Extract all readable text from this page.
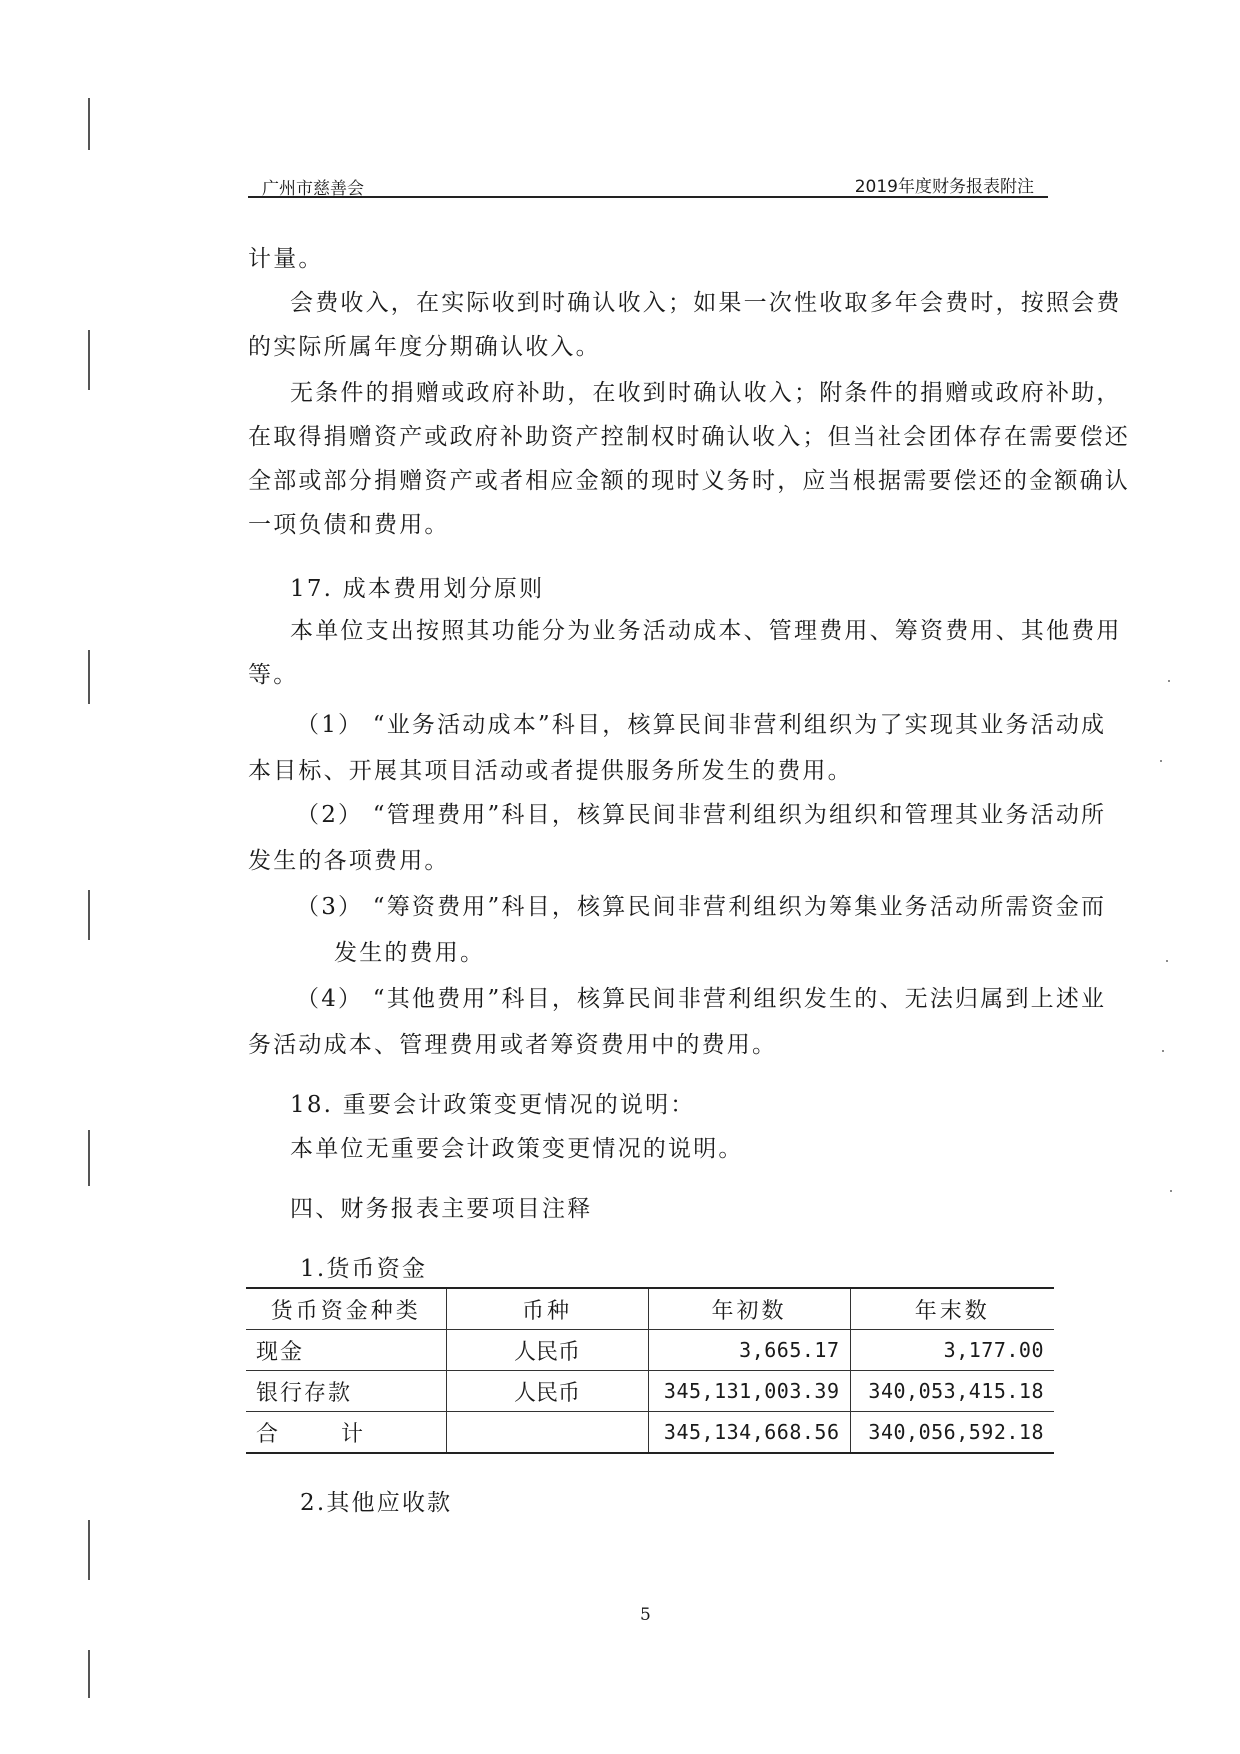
广州市慈善会	2019年度财务报表附注
计量。
会费收入，在实际收到时确认收入；如果一次性收取多年会费时，按照会费
的实际所属年度分期确认收入。
无条件的捐赠或政府补助，在收到时确认收入；附条件的捐赠或政府补助，
在取得捐赠资产或政府补助资产控制权时确认收入；但当社会团体存在需要偿还
全部或部分捐赠资产或者相应金额的现时义务时，应当根据需要偿还的金额确认
一项负债和费用。
17. 成本费用划分原则
本单位支出按照其功能分为业务活动成本、管理费用、筹资费用、其他费用
等。
（1） “业务活动成本”科目，核算民间非营利组织为了实现其业务活动成
本目标、开展其项目活动或者提供服务所发生的费用。
（2） “管理费用”科目，核算民间非营利组织为组织和管理其业务活动所
发生的各项费用。
（3） “筹资费用”科目，核算民间非营利组织为筹集业务活动所需资金而
发生的费用。
（4） “其他费用”科目，核算民间非营利组织发生的、无法归属到上述业
务活动成本、管理费用或者筹资费用中的费用。
18. 重要会计政策变更情况的说明：
本单位无重要会计政策变更情况的说明。
四、财务报表主要项目注释
1.货币资金
货币资金种类	币种	年初数	年末数
现金	人民币	3,665.17	3,177.00
银行存款	人民币	345,131,003.39	340,053,415.18
合 计		345,134,668.56	340,056,592.18
2.其他应收款
5
